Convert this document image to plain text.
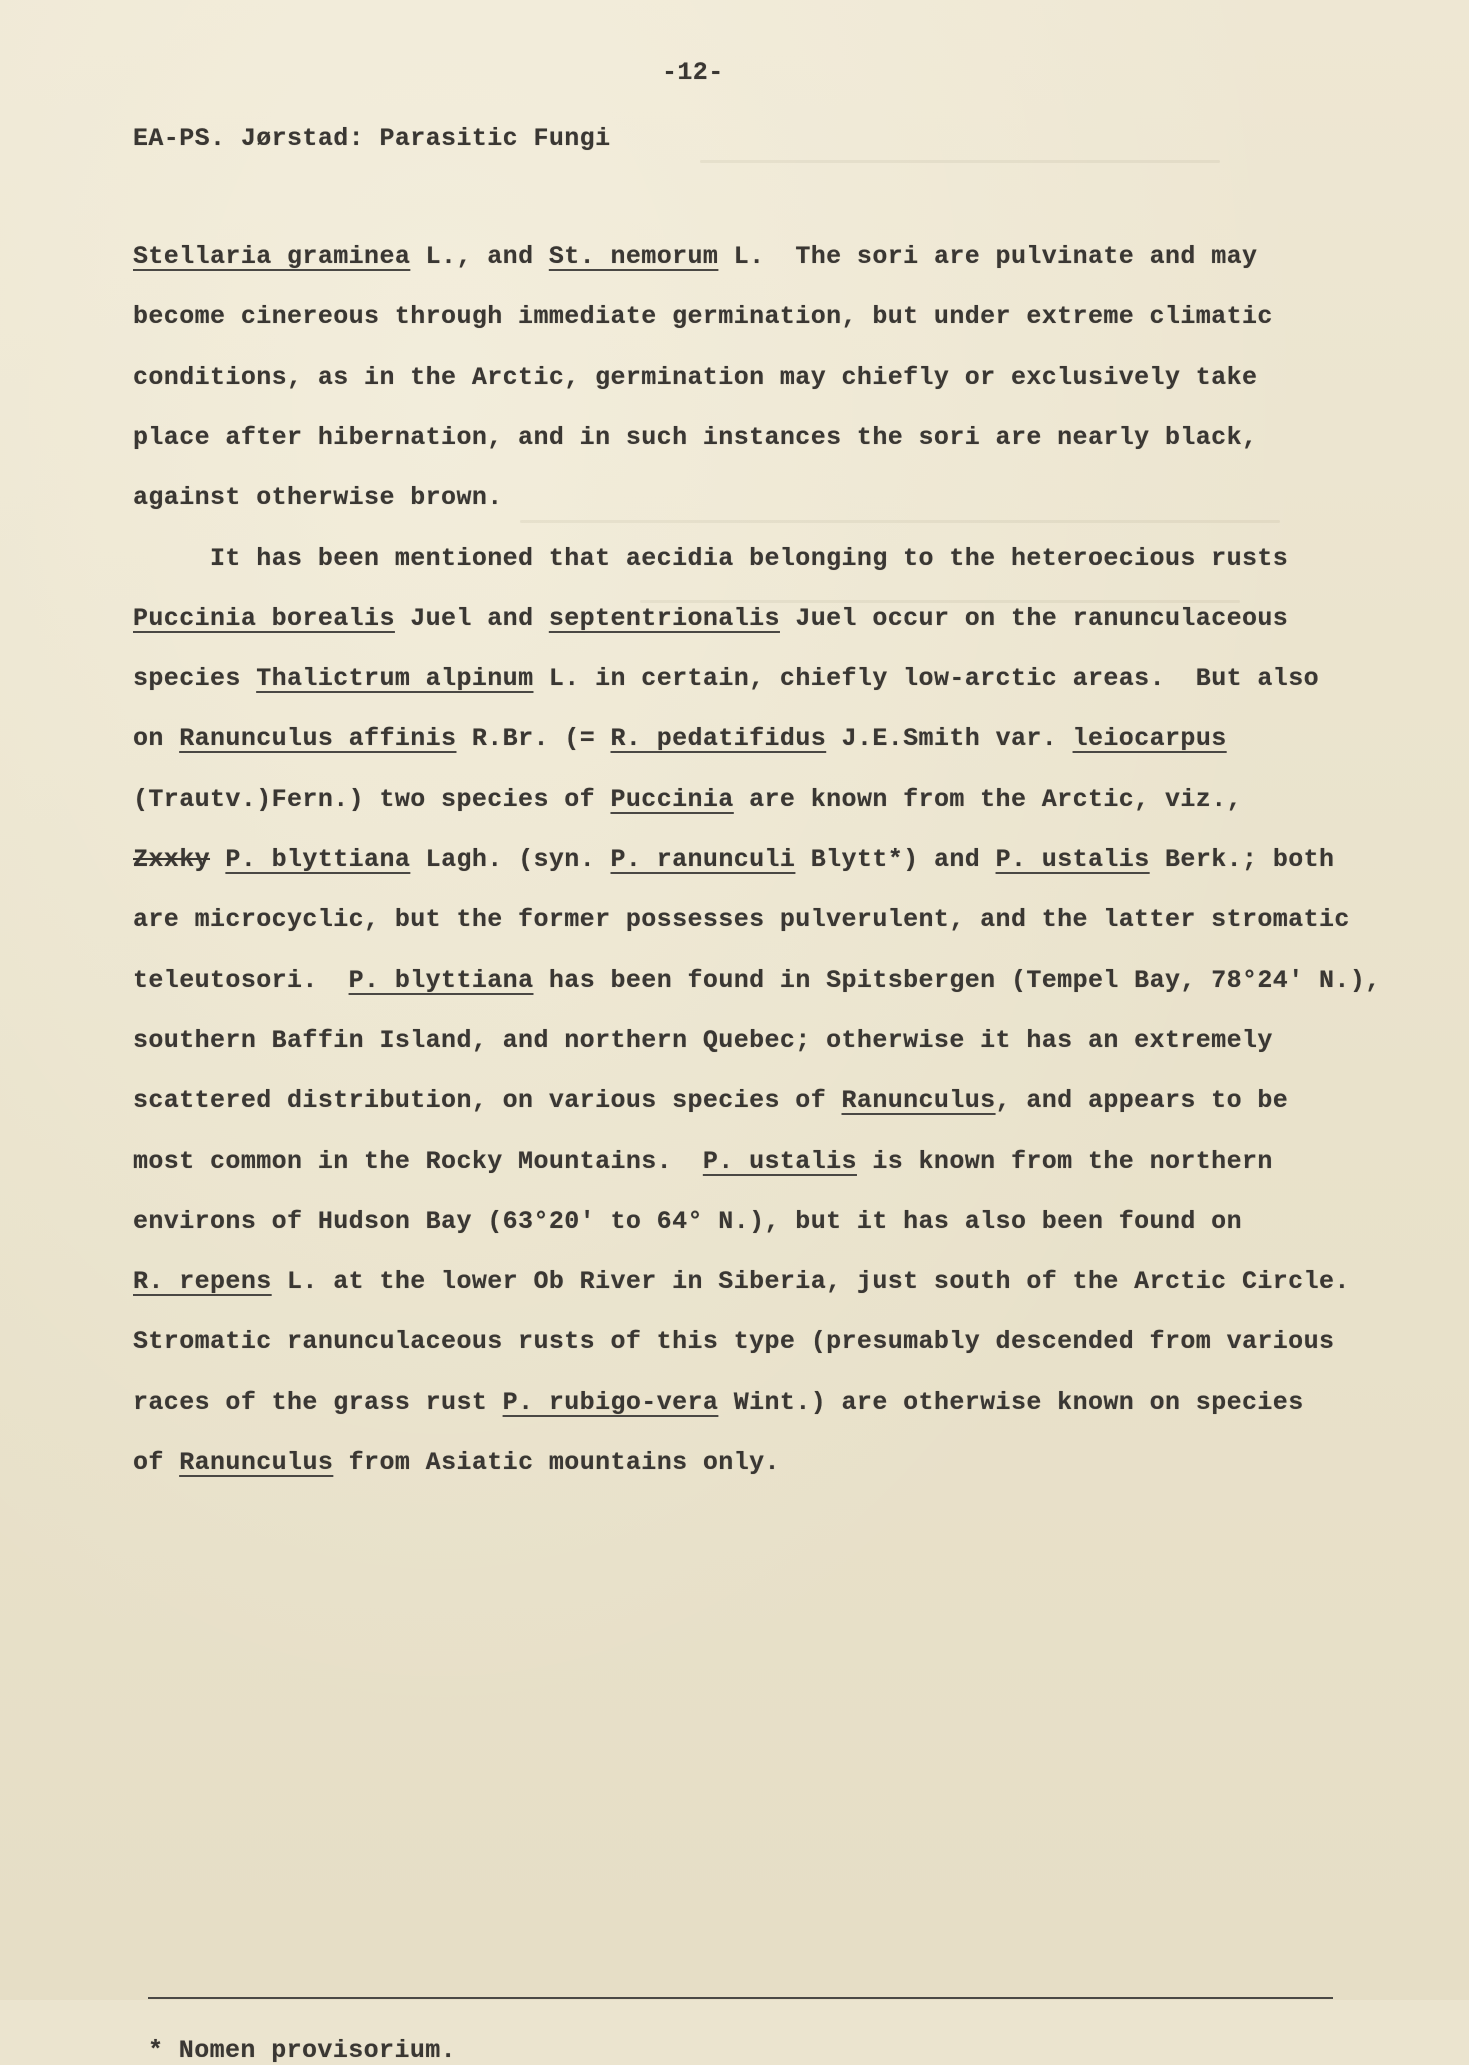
-12-
EA-PS. Jørstad: Parasitic Fungi
Stellaria graminea L., and St. nemorum L.  The sori are pulvinate and may
become cinereous through immediate germination, but under extreme climatic
conditions, as in the Arctic, germination may chiefly or exclusively take
place after hibernation, and in such instances the sori are nearly black,
against otherwise brown.
It has been mentioned that aecidia belonging to the heteroecious rusts
Puccinia borealis Juel and septentrionalis Juel occur on the ranunculaceous
species Thalictrum alpinum L. in certain, chiefly low-arctic areas.  But also
on Ranunculus affinis R.Br. (= R. pedatifidus J.E.Smith var. leiocarpus
(Trautv.)Fern.) two species of Puccinia are known from the Arctic, viz.,
Zxxky P. blyttiana Lagh. (syn. P. ranunculi Blytt*) and P. ustalis Berk.; both
are microcyclic, but the former possesses pulverulent, and the latter stromatic
teleutosori.  P. blyttiana has been found in Spitsbergen (Tempel Bay, 78°24' N.),
southern Baffin Island, and northern Quebec; otherwise it has an extremely
scattered distribution, on various species of Ranunculus, and appears to be
most common in the Rocky Mountains.  P. ustalis is known from the northern
environs of Hudson Bay (63°20' to 64° N.), but it has also been found on
R. repens L. at the lower Ob River in Siberia, just south of the Arctic Circle.
Stromatic ranunculaceous rusts of this type (presumably descended from various
races of the grass rust P. rubigo-vera Wint.) are otherwise known on species
of Ranunculus from Asiatic mountains only.
* Nomen provisorium.
